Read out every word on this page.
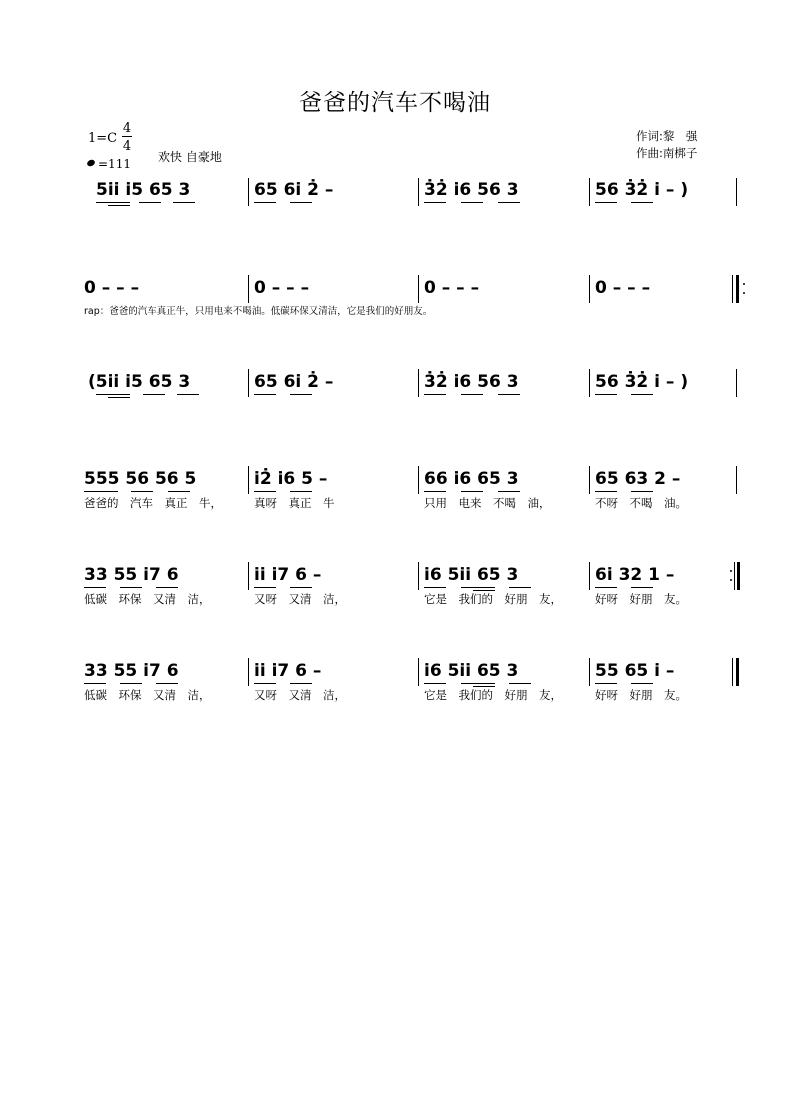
爸爸的汽车不喝油
1=C
4
4
=111 欢快 自豪地
作词:黎　强
作曲:南梆子
5i̇i̇ i̇5 65 3	65 6i̇ 2̇ –	3̇2̇ i̇6 56 3	56 3̇2̇ i̇ – )
0 – – –	0 – – –	0 – – –	0 – – –
rap：爸爸的汽车真正牛，只用电来不喝油。低碳环保又清洁，它是我们的好朋友。
(5i̇i̇ i̇5 65 3	65 6i̇ 2̇ –	3̇2̇ i̇6 56 3	56 3̇2̇ i̇ – )
555 56 56 5	i̇2̇ i̇6 5 –	66 i̇6 65 3	65 63 2 –
爸爸的　汽车　真正　牛，	真呀　真正　牛	只用　电来　不喝　油，	不呀　不喝　油。
33 55 i̇7 6	i̇i̇ i̇7 6 –	i̇6 5i̇i̇ 65 3	6i̇ 32 1 –
低碳　环保　又清　洁，	又呀　又清　洁，	它是　我们的　好朋　友，	好呀　好朋　友。
33 55 i̇7 6	i̇i̇ i̇7 6 –	i̇6 5i̇i̇ 65 3	55 65 i̇ –
低碳　环保　又清　洁，	又呀　又清　洁，	它是　我们的　好朋　友，	好呀　好朋　友。
